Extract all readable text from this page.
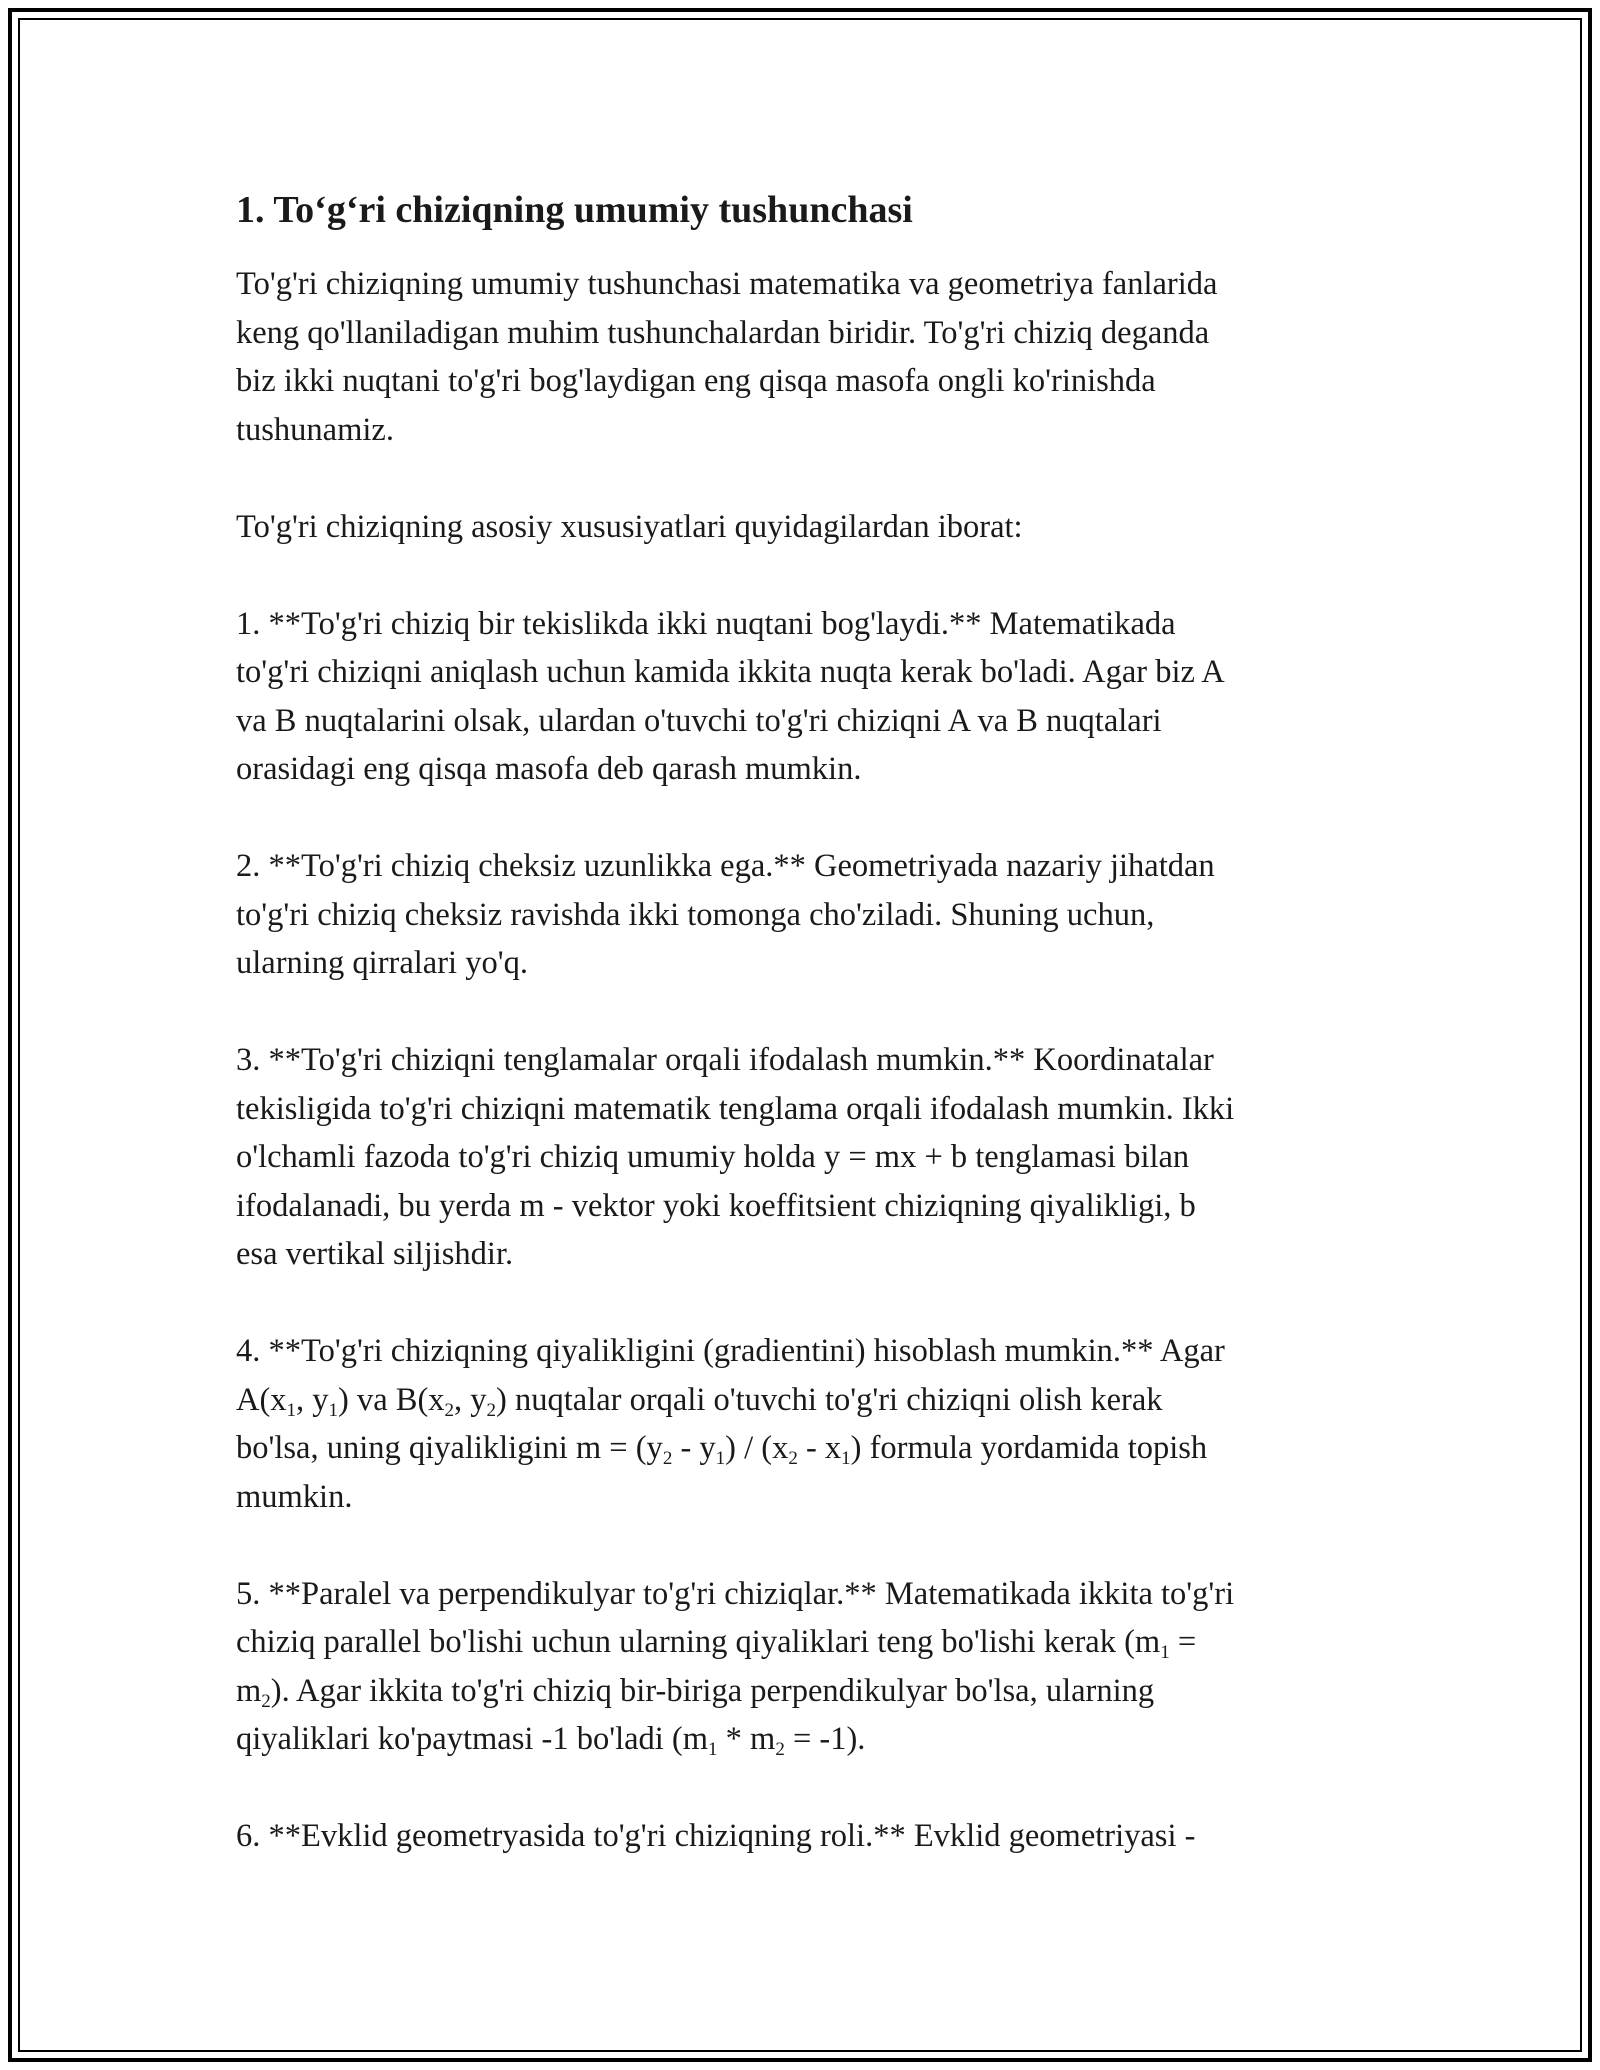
1. To‘g‘ri chiziqning umumiy tushunchasi

To'g'ri chiziqning umumiy tushunchasi matematika va geometriya fanlarida
keng qo'llaniladigan muhim tushunchalardan biridir. To'g'ri chiziq deganda
biz ikki nuqtani to'g'ri bog'laydigan eng qisqa masofa ongli ko'rinishda
tushunamiz.

To'g'ri chiziqning asosiy xususiyatlari quyidagilardan iborat:

1. **To'g'ri chiziq bir tekislikda ikki nuqtani bog'laydi.** Matematikada
to'g'ri chiziqni aniqlash uchun kamida ikkita nuqta kerak bo'ladi. Agar biz A
va B nuqtalarini olsak, ulardan o'tuvchi to'g'ri chiziqni A va B nuqtalari
orasidagi eng qisqa masofa deb qarash mumkin.

2. **To'g'ri chiziq cheksiz uzunlikka ega.** Geometriyada nazariy jihatdan
to'g'ri chiziq cheksiz ravishda ikki tomonga cho'ziladi. Shuning uchun,
ularning qirralari yo'q.

3. **To'g'ri chiziqni tenglamalar orqali ifodalash mumkin.** Koordinatalar
tekisligida to'g'ri chiziqni matematik tenglama orqali ifodalash mumkin. Ikki
o'lchamli fazoda to'g'ri chiziq umumiy holda y = mx + b tenglamasi bilan
ifodalanadi, bu yerda m - vektor yoki koeffitsient chiziqning qiyalikligi, b
esa vertikal siljishdir.

4. **To'g'ri chiziqning qiyalikligini (gradientini) hisoblash mumkin.** Agar
$A(x_1$, $y_1$) va $B(x_2$, $y_2$) nuqtalar orqali o'tuvchi to'g'ri chiziqni olish kerak
bo'lsa, uning qiyalikligini $m = (y_2 - y_1) / (x_2 - x_1)$ formula yordamida topish
mumkin.

5. **Paralel va perpendikulyar to'g'ri chiziqlar.** Matematikada ikkita to'g'ri
chiziq parallel bo'lishi uchun ularning qiyaliklari teng bo'lishi kerak ($m_1$ =
$m_2$). Agar ikkita to'g'ri chiziq bir-biriga perpendikulyar bo'lsa, ularning
qiyaliklari ko'paytmasi -1 bo'ladi $(m_1 * m_2 = -1)$.

6. **Evklid geometryasida to'g'ri chiziqning roli.** Evklid geometriyasi -
